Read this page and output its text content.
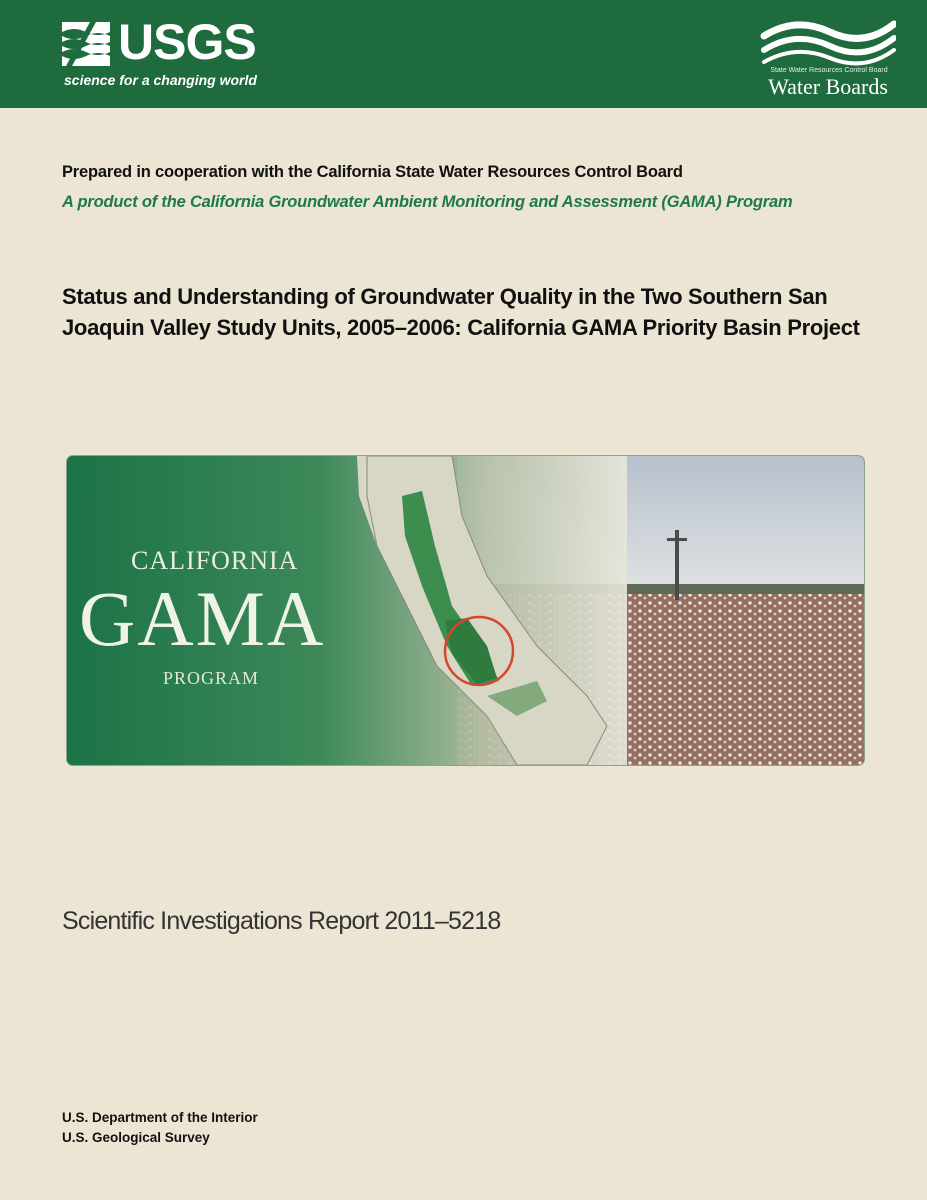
USGS
science for a changing world
State Water Resources Control Board
Water Boards
Prepared in cooperation with the California State Water Resources Control Board
A product of the California Groundwater Ambient Monitoring and Assessment (GAMA) Program
Status and Understanding of Groundwater Quality in the Two Southern San Joaquin Valley Study Units, 2005–2006: California GAMA Priority Basin Project
CALIFORNIA
GAMA
PROGRAM
Scientific Investigations Report 2011–5218
U.S. Department of the Interior
U.S. Geological Survey
